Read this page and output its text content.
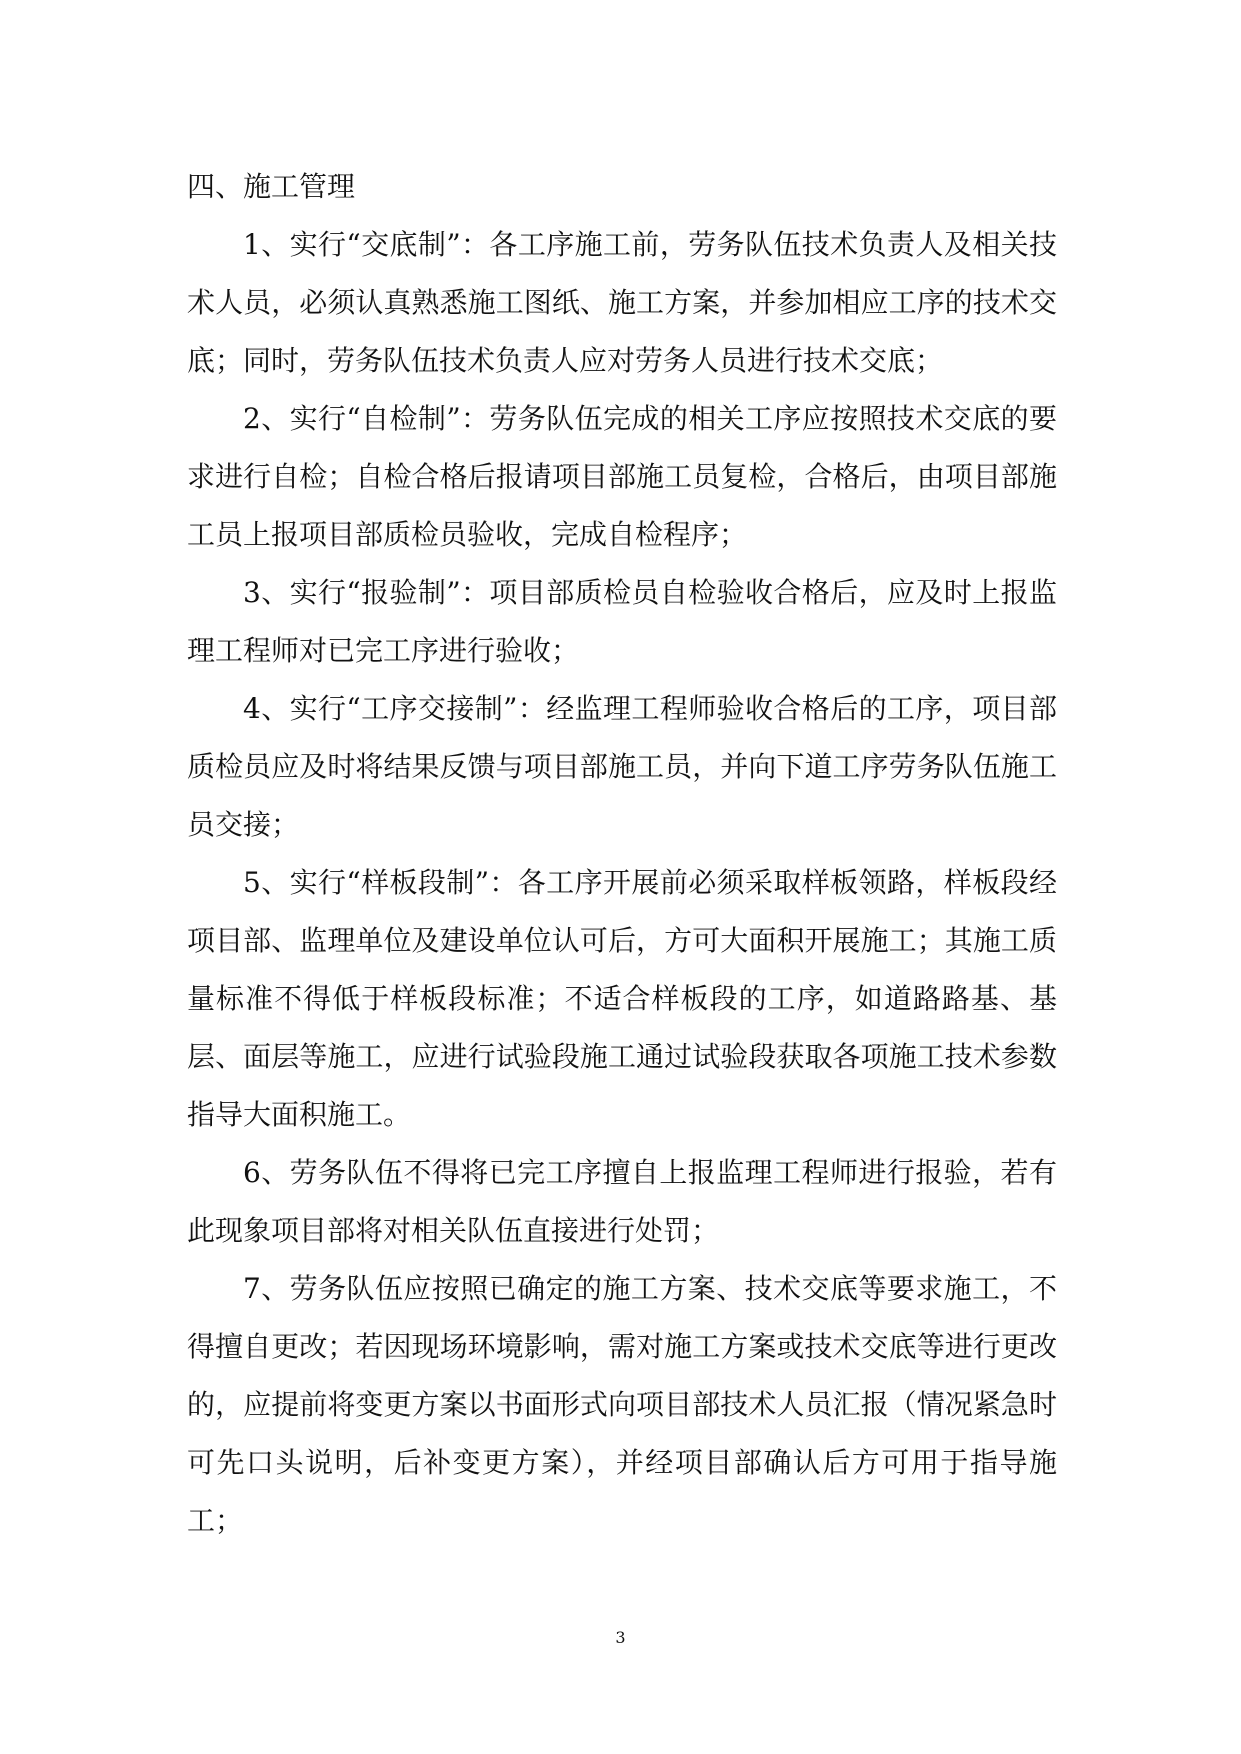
四、施工管理

1、实行“交底制”：各工序施工前，劳务队伍技术负责人及相关技术人员，必须认真熟悉施工图纸、施工方案，并参加相应工序的技术交底；同时，劳务队伍技术负责人应对劳务人员进行技术交底；

2、实行“自检制”：劳务队伍完成的相关工序应按照技术交底的要求进行自检；自检合格后报请项目部施工员复检，合格后，由项目部施工员上报项目部质检员验收，完成自检程序；

3、实行“报验制”：项目部质检员自检验收合格后，应及时上报监理工程师对已完工序进行验收；

4、实行“工序交接制”：经监理工程师验收合格后的工序，项目部质检员应及时将结果反馈与项目部施工员，并向下道工序劳务队伍施工员交接；

5、实行“样板段制”：各工序开展前必须采取样板领路，样板段经项目部、监理单位及建设单位认可后，方可大面积开展施工；其施工质量标准不得低于样板段标准；不适合样板段的工序，如道路路基、基层、面层等施工，应进行试验段施工通过试验段获取各项施工技术参数指导大面积施工。

6、劳务队伍不得将已完工序擅自上报监理工程师进行报验，若有此现象项目部将对相关队伍直接进行处罚；

7、劳务队伍应按照已确定的施工方案、技术交底等要求施工，不得擅自更改；若因现场环境影响，需对施工方案或技术交底等进行更改的，应提前将变更方案以书面形式向项目部技术人员汇报（情况紧急时可先口头说明，后补变更方案），并经项目部确认后方可用于指导施工；

3
